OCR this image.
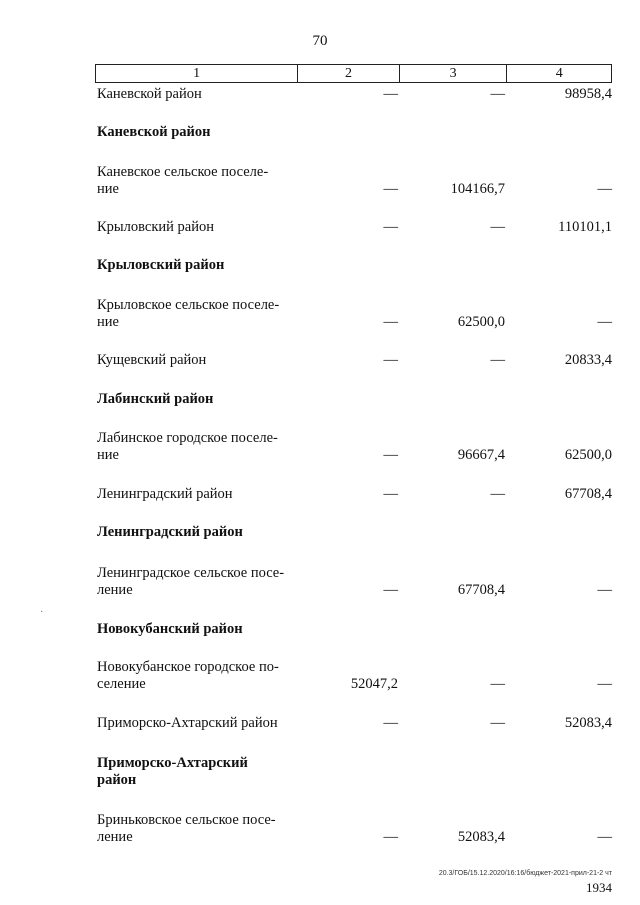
70
1	2	3	4
Каневской район	—	—	98958,4
Каневской район
Каневское сельское поселе-
ние	—	104166,7	—
Крыловский район	—	—	110101,1
Крыловский район
Крыловское сельское поселе-
ние	—	62500,0	—
Кущевский район	—	—	20833,4
Лабинский район
Лабинское городское поселе-
ние	—	96667,4	62500,0
Ленинградский район	—	—	67708,4
Ленинградский район
Ленинградское сельское посе-
ление	—	67708,4	—
Новокубанский район
Новокубанское городское по-
селение	52047,2	—	—
Приморско-Ахтарский район	—	—	52083,4
Приморско-Ахтарский
район
Бриньковское сельское посе-
ление	—	52083,4	—
·
20.3/ГОБ/15.12.2020/16:16/бюджет-2021-прил-21-2 чт
1934
